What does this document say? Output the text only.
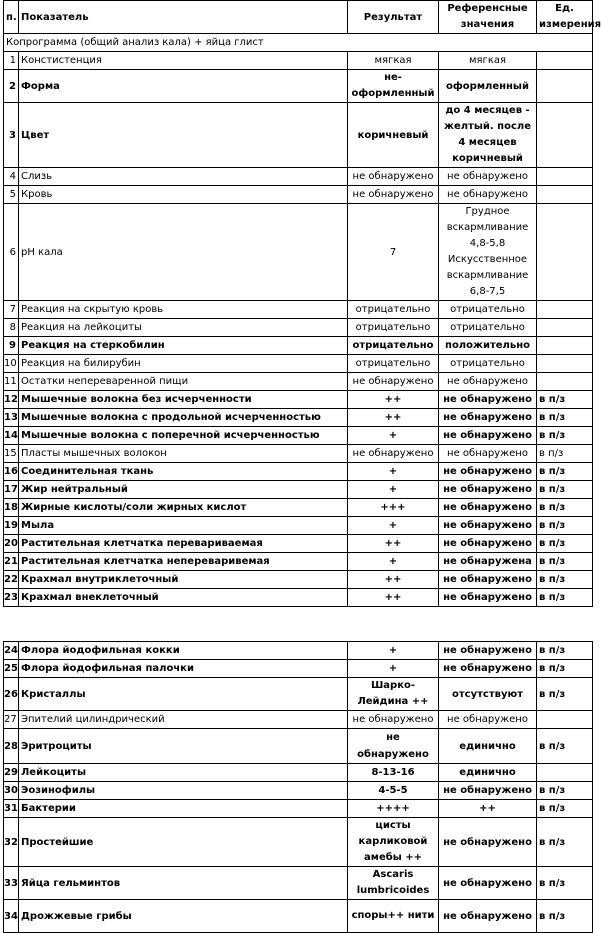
п.	Показатель	Результат	Референсные значения	Ед. измерения
Копрограмма (общий анализ кала) + яйца глист				
1	Констистенция	мягкая	мягкая	
2	Форма	не-оформленный	оформленный	
3	Цвет	коричневый	до 4 месяцев - желтый. после 4 месяцев коричневый	
4	Слизь	не обнаружено	не обнаружено	
5	Кровь	не обнаружено	не обнаружено	
6	pH кала	7	Грудное вскармливание 4,8-5,8 Искусственное вскармливание 6,8-7,5	
7	Реакция на скрытую кровь	отрицательно	отрицательно	
8	Реакция на лейкоциты	отрицательно	отрицательно	
9	Реакция на стеркобилин	отрицательно	положительно	
10	Реакция на билирубин	отрицательно	отрицательно	
11	Остатки непереваренной пищи	не обнаружено	не обнаружено	
12	Мышечные волокна без исчерченности	++	не обнаружено	в п/з
13	Мышечные волокна с продольной исчерченностью	++	не обнаружено	в п/з
14	Мышечные волокна с поперечной исчерченностью	+	не обнаружено	в п/з
15	Пласты мышечных волокон	не обнаружено	не обнаружено	в п/з
16	Соединительная ткань	+	не обнаружено	в п/з
17	Жир нейтральный	+	не обнаружено	в п/з
18	Жирные кислоты/соли жирных кислот	+++	не обнаружено	в п/з
19	Мыла	+	не обнаружено	в п/з
20	Растительная клетчатка перевариваемая	++	не обнаружено	в п/з
21	Растительная клетчатка непереваривемая	+	не обнаружена	в п/з
22	Крахмал внутриклеточный	++	не обнаружено	в п/з
23	Крахмал внеклеточный	++	не обнаружено	в п/з
24	Флора йодофильная кокки	+	не обнаружено	в п/з
25	Флора йодофильная палочки	+	не обнаружено	в п/з
26	Кристаллы	Шарко-Лейдина ++	отсутствуют	в п/з
27	Эпителий цилиндрический	не обнаружено	не обнаружено	
28	Эритроциты	не обнаружено	единично	в п/з
29	Лейкоциты	8-13-16	единично	
30	Эозинофилы	4-5-5	не обнаружено	в п/з
31	Бактерии	++++	++	в п/з
32	Простейшие	цисты карликовой амебы ++	не обнаружено	в п/з
33	Яйца гельминтов	Ascaris lumbricoides	не обнаружено	в п/з
34	Дрожжевые грибы	споры++ нити	не обнаружено	в п/з
